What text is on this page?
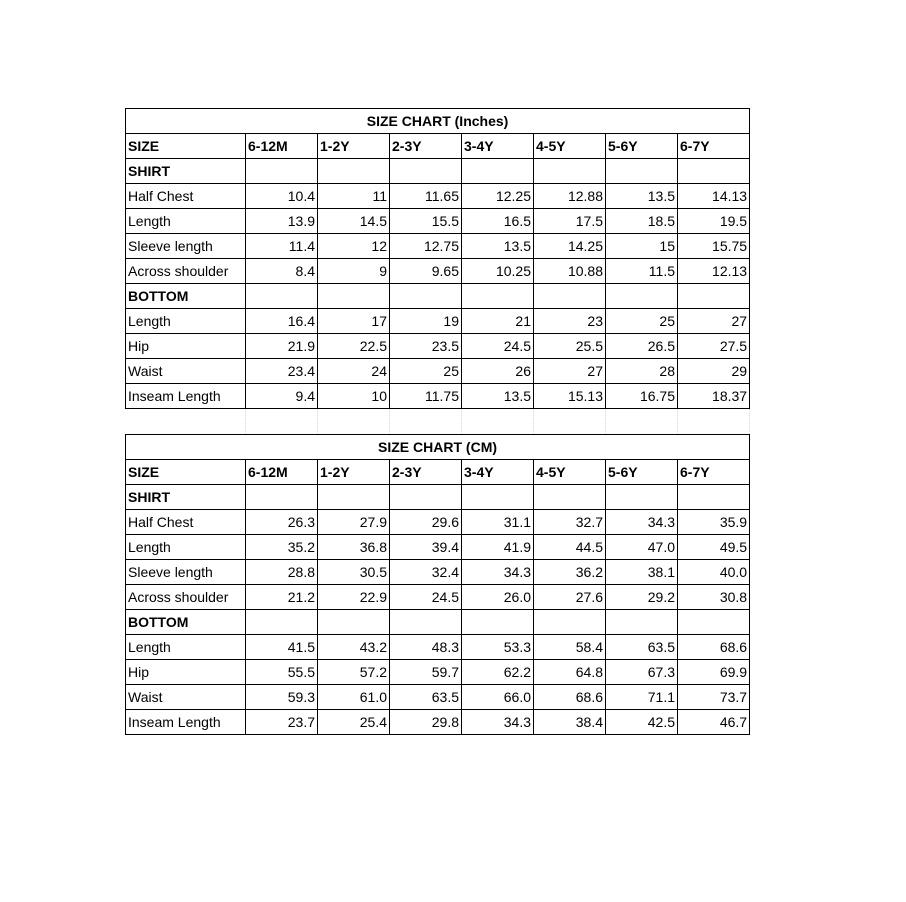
SIZE CHART (Inches)							
SIZE	6-12M	1-2Y	2-3Y	3-4Y	4-5Y	5-6Y	6-7Y
SHIRT							
Half Chest	10.4	11	11.65	12.25	12.88	13.5	14.13
Length	13.9	14.5	15.5	16.5	17.5	18.5	19.5
Sleeve length	11.4	12	12.75	13.5	14.25	15	15.75
Across shoulder	8.4	9	9.65	10.25	10.88	11.5	12.13
BOTTOM							
Length	16.4	17	19	21	23	25	27
Hip	21.9	22.5	23.5	24.5	25.5	26.5	27.5
Waist	23.4	24	25	26	27	28	29
Inseam Length	9.4	10	11.75	13.5	15.13	16.75	18.37

SIZE CHART (CM)							
SIZE	6-12M	1-2Y	2-3Y	3-4Y	4-5Y	5-6Y	6-7Y
SHIRT							
Half Chest	26.3	27.9	29.6	31.1	32.7	34.3	35.9
Length	35.2	36.8	39.4	41.9	44.5	47.0	49.5
Sleeve length	28.8	30.5	32.4	34.3	36.2	38.1	40.0
Across shoulder	21.2	22.9	24.5	26.0	27.6	29.2	30.8
BOTTOM							
Length	41.5	43.2	48.3	53.3	58.4	63.5	68.6
Hip	55.5	57.2	59.7	62.2	64.8	67.3	69.9
Waist	59.3	61.0	63.5	66.0	68.6	71.1	73.7
Inseam Length	23.7	25.4	29.8	34.3	38.4	42.5	46.7
